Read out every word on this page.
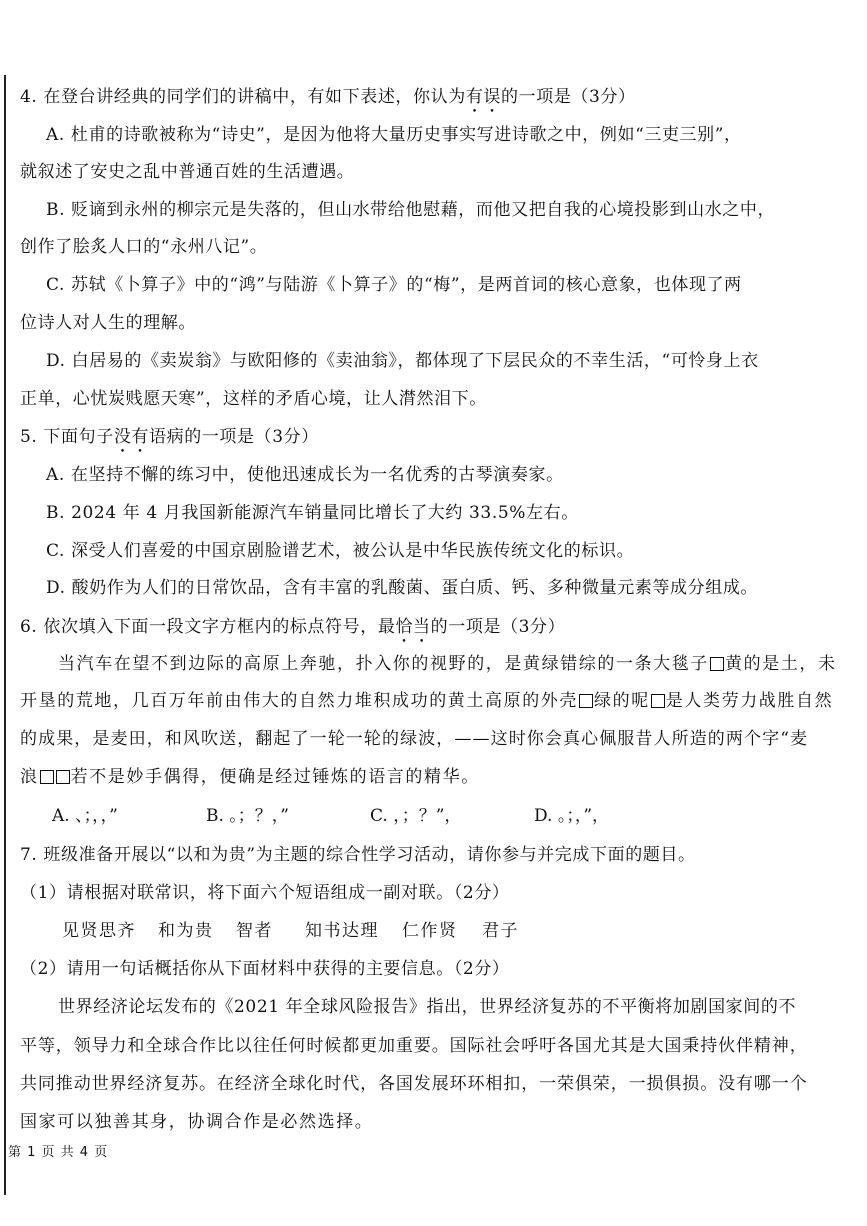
4. 在登台讲经典的同学们的讲稿中，有如下表述，你认为有误的一项是（3分）
A. 杜甫的诗歌被称为“诗史”，是因为他将大量历史事实写进诗歌之中，例如“三吏三别”，
就叙述了安史之乱中普通百姓的生活遭遇。
B. 贬谪到永州的柳宗元是失落的，但山水带给他慰藉，而他又把自我的心境投影到山水之中，
创作了脍炙人口的“永州八记”。
C. 苏轼《卜算子》中的“鸿”与陆游《卜算子》的“梅”，是两首词的核心意象，也体现了两
位诗人对人生的理解。
D. 白居易的《卖炭翁》与欧阳修的《卖油翁》，都体现了下层民众的不幸生活，“可怜身上衣
正单，心忧炭贱愿天寒”，这样的矛盾心境，让人潸然泪下。
5. 下面句子没有语病的一项是（3分）
A. 在坚持不懈的练习中，使他迅速成长为一名优秀的古琴演奏家。
B. 2024 年 4 月我国新能源汽车销量同比增长了大约 33.5%左右。
C. 深受人们喜爱的中国京剧脸谱艺术，被公认是中华民族传统文化的标识。
D. 酸奶作为人们的日常饮品，含有丰富的乳酸菌、蛋白质、钙、多种微量元素等成分组成。
6. 依次填入下面一段文字方框内的标点符号，最恰当的一项是（3分）
当汽车在望不到边际的高原上奔驰，扑入你的视野的，是黄绿错综的一条大毯子 黄的是土，未
开垦的荒地，几百万年前由伟大的自然力堆积成功的黄土高原的外壳 绿的呢 是人类劳力战胜自然
的成果，是麦田，和风吹送，翻起了一轮一轮的绿波，——这时你会真心佩服昔人所造的两个字“麦
浪 若不是妙手偶得，便确是经过锤炼的语言的精华。
A. 、；，，”	B. 。；？，”	C. ，；？”，	D. 。；，”，
7. 班级准备开展以“以和为贵”为主题的综合性学习活动，请你参与并完成下面的题目。
（1）请根据对联常识，将下面六个短语组成一副对联。（2分）
见贤思齐 和为贵 智者 知书达理 仁作贤 君子
（2）请用一句话概括你从下面材料中获得的主要信息。（2分）
世界经济论坛发布的《2021 年全球风险报告》指出，世界经济复苏的不平衡将加剧国家间的不
平等，领导力和全球合作比以往任何时候都更加重要。国际社会呼吁各国尤其是大国秉持伙伴精神，
共同推动世界经济复苏。在经济全球化时代，各国发展环环相扣，一荣俱荣，一损俱损。没有哪一个
国家可以独善其身，协调合作是必然选择。
第 1 页 共 4 页
